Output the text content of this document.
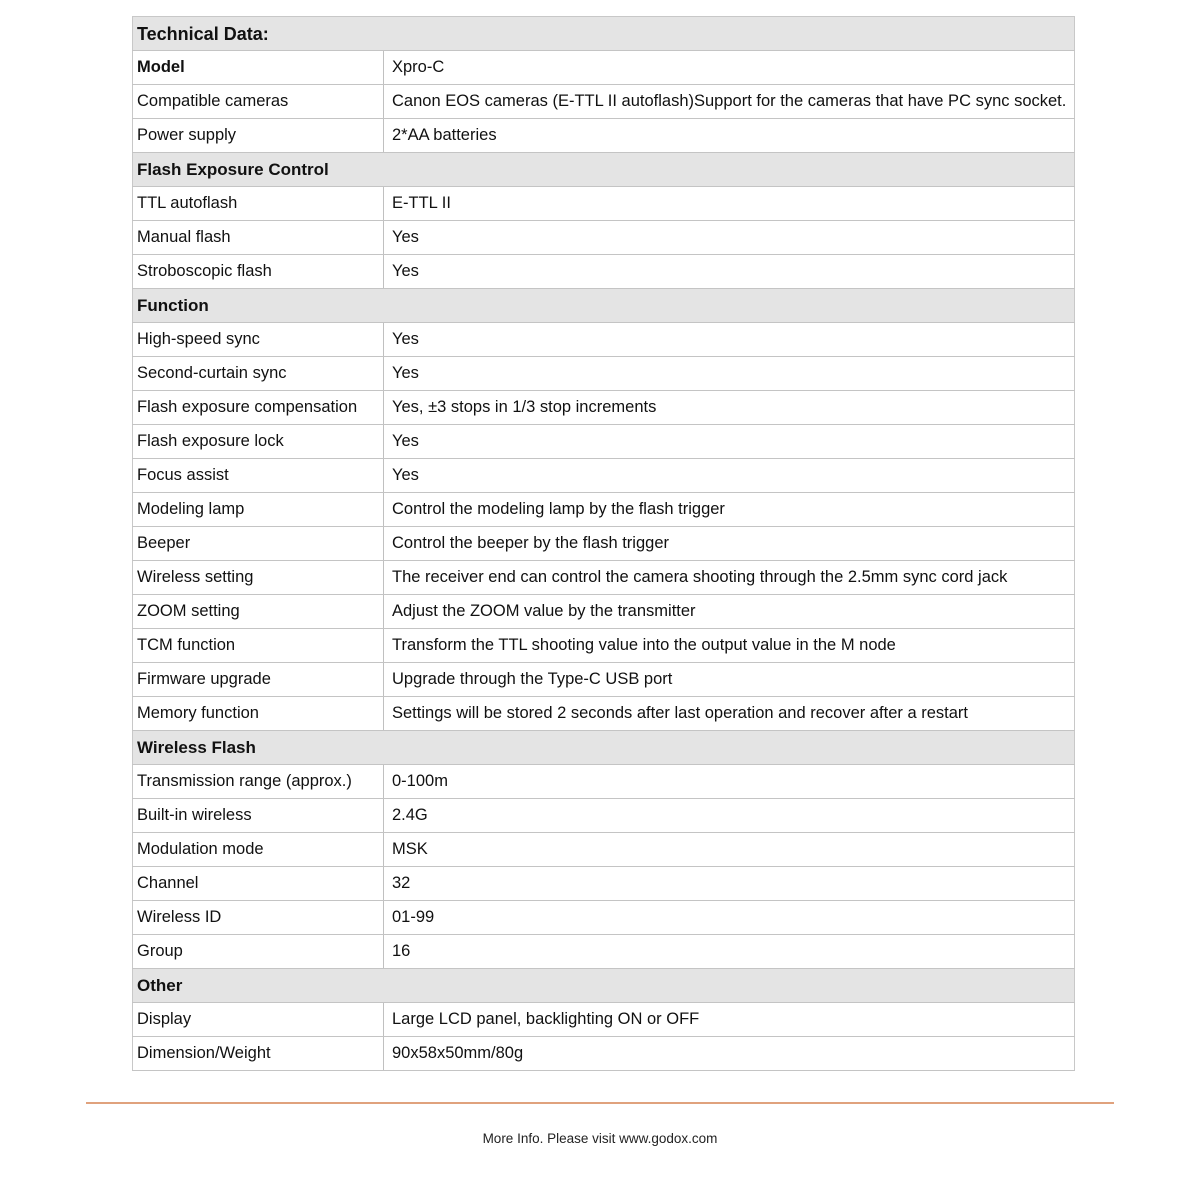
Technical Data:	
Model	Xpro-C
Compatible cameras	Canon EOS cameras (E-TTL II autoflash)Support for the cameras that have PC sync socket.
Power supply	2*AA batteries
Flash Exposure Control	
TTL autoflash	E-TTL II
Manual flash	Yes
Stroboscopic flash	Yes
Function	
High-speed sync	Yes
Second-curtain sync	Yes
Flash exposure compensation	Yes, ±3 stops in 1/3 stop increments
Flash exposure lock	Yes
Focus assist	Yes
Modeling lamp	Control the modeling lamp by the flash trigger
Beeper	Control the beeper by the flash trigger
Wireless setting	The receiver end can control the camera shooting through the 2.5mm sync cord jack
ZOOM setting	Adjust the ZOOM value by the transmitter
TCM function	Transform the TTL shooting value into the output value in the M node
Firmware upgrade	Upgrade through the Type-C USB port
Memory function	Settings will be stored 2 seconds after last operation and recover after a restart
Wireless Flash	
Transmission range (approx.)	0-100m
Built-in wireless	2.4G
Modulation mode	MSK
Channel	32
Wireless ID	01-99
Group	16
Other	
Display	Large LCD panel, backlighting ON or OFF
Dimension/Weight	90x58x50mm/80g
More Info. Please visit www.godox.com
